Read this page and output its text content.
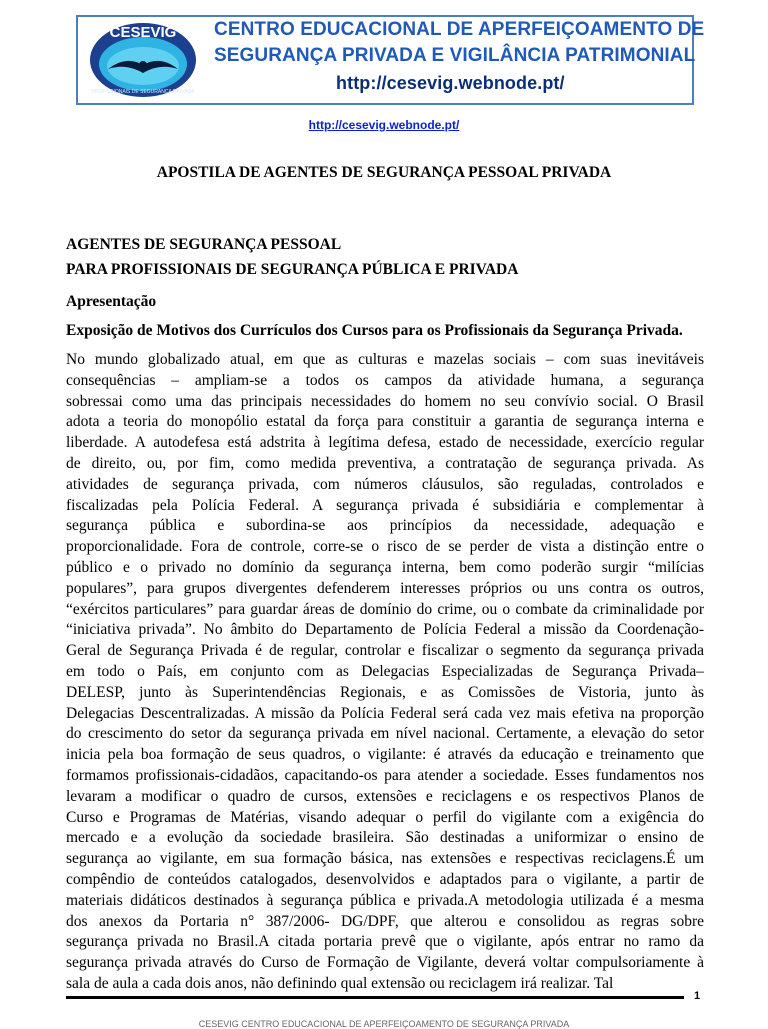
CESEVIG
PROFISSIONAIS DE SEGURANÇA PRIVADA
CENTRO EDUCACIONAL DE APERFEIÇOAMENTO DE
SEGURANÇA PRIVADA E VIGILÂNCIA PATRIMONIAL
http://cesevig.webnode.pt/
http://cesevig.webnode.pt/
APOSTILA DE AGENTES DE SEGURANÇA PESSOAL PRIVADA
AGENTES DE SEGURANÇA PESSOAL
PARA PROFISSIONAIS DE SEGURANÇA PÚBLICA E PRIVADA
Apresentação
Exposição de Motivos dos Currículos dos Cursos para os Profissionais da Segurança Privada.
No mundo globalizado atual, em que as culturas e mazelas sociais – com suas inevitáveis
consequências – ampliam-se a todos os campos da atividade humana, a segurança
sobressai como uma das principais necessidades do homem no seu convívio social. O Brasil
adota a teoria do monopólio estatal da força para constituir a garantia de segurança interna e
liberdade. A autodefesa está adstrita à legítima defesa, estado de necessidade, exercício regular
de direito, ou, por fim, como medida preventiva, a contratação de segurança privada. As
atividades de segurança privada, com números cláusulos, são reguladas, controlados e
fiscalizadas pela Polícia Federal. A segurança privada é subsidiária e complementar à
segurança pública e subordina-se aos princípios da necessidade, adequação e
proporcionalidade. Fora de controle, corre-se o risco de se perder de vista a distinção entre o
público e o privado no domínio da segurança interna, bem como poderão surgir “milícias
populares”, para grupos divergentes defenderem interesses próprios ou uns contra os outros,
“exércitos particulares” para guardar áreas de domínio do crime, ou o combate da criminalidade por
“iniciativa privada”. No âmbito do Departamento de Polícia Federal a missão da Coordenação-
Geral de Segurança Privada é de regular, controlar e fiscalizar o segmento da segurança privada
em todo o País, em conjunto com as Delegacias Especializadas de Segurança Privada–
DELESP, junto às Superintendências Regionais, e as Comissões de Vistoria, junto às
Delegacias Descentralizadas. A missão da Polícia Federal será cada vez mais efetiva na proporção
do crescimento do setor da segurança privada em nível nacional. Certamente, a elevação do setor
inicia pela boa formação de seus quadros, o vigilante: é através da educação e treinamento que
formamos profissionais-cidadãos, capacitando-os para atender a sociedade. Esses fundamentos nos
levaram a modificar o quadro de cursos, extensões e reciclagens e os respectivos Planos de
Curso e Programas de Matérias, visando adequar o perfil do vigilante com a exigência do
mercado e a evolução da sociedade brasileira. São destinadas a uniformizar o ensino de
segurança ao vigilante, em sua formação básica, nas extensões e respectivas reciclagens.É um
compêndio de conteúdos catalogados, desenvolvidos e adaptados para o vigilante, a partir de
materiais didáticos destinados à segurança pública e privada.A metodologia utilizada é a mesma
dos anexos da Portaria n° 387/2006- DG/DPF, que alterou e consolidou as regras sobre
segurança privada no Brasil.A citada portaria prevê que o vigilante, após entrar no ramo da
segurança privada através do Curso de Formação de Vigilante, deverá voltar compulsoriamente à
sala de aula a cada dois anos, não definindo qual extensão ou reciclagem irá realizar. Tal
1
CESEVIG CENTRO EDUCACIONAL DE APERFEIÇOAMENTO DE SEGURANÇA PRIVADA
